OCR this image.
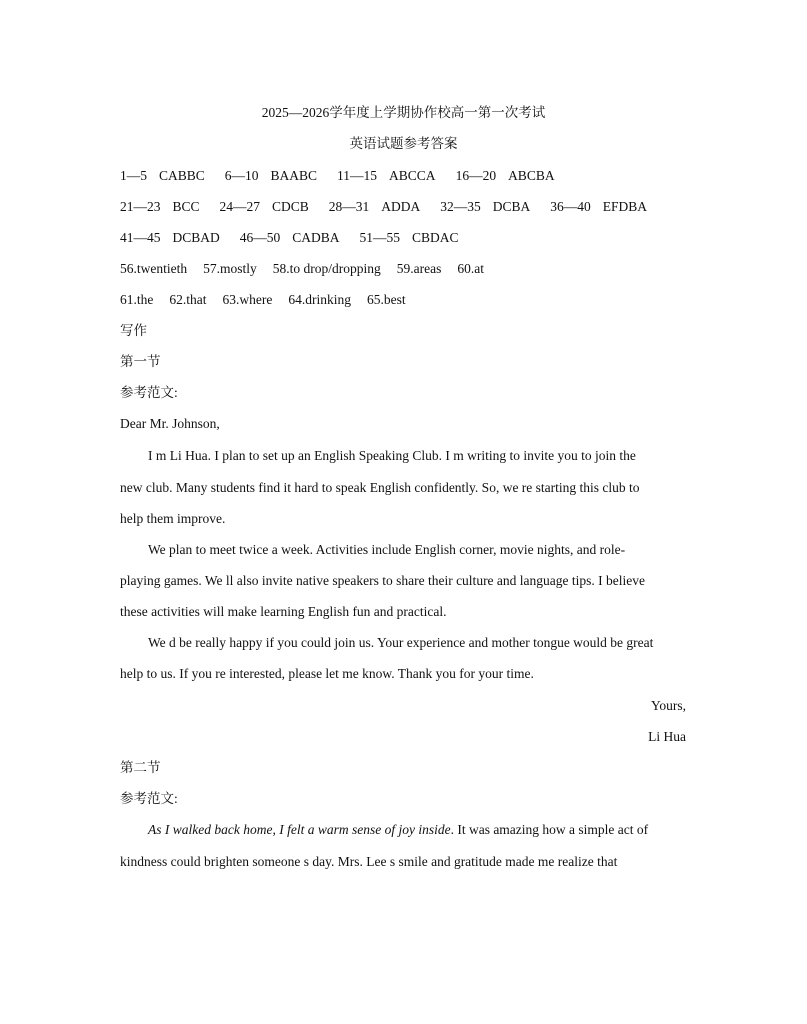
2025—2026学年度上学期协作校高一第一次考试
英语试题参考答案
1—5 CABBC 6—10 BAABC 11—15 ABCCA 16—20 ABCBA
21—23 BCC 24—27 CDCB 28—31 ADDA 32—35 DCBA 36—40 EFDBA
41—45 DCBAD 46—50 CADBA 51—55 CBDAC
56.twentieth 57.mostly 58.to drop/dropping 59.areas 60.at
61.the 62.that 63.where 64.drinking 65.best
写作
第一节
参考范文:
Dear Mr. Johnson,
I m Li Hua. I plan to set up an English Speaking Club. I m writing to invite you to join the
new club. Many students find it hard to speak English confidently. So, we re starting this club to
help them improve.
We plan to meet twice a week. Activities include English corner, movie nights, and role-
playing games. We ll also invite native speakers to share their culture and language tips. I believe
these activities will make learning English fun and practical.
We d be really happy if you could join us. Your experience and mother tongue would be great
help to us. If you re interested, please let me know. Thank you for your time.
Yours,
Li Hua
第二节
参考范文:
As I walked back home, I felt a warm sense of joy inside. It was amazing how a simple act of
kindness could brighten someone s day. Mrs. Lee s smile and gratitude made me realize that
